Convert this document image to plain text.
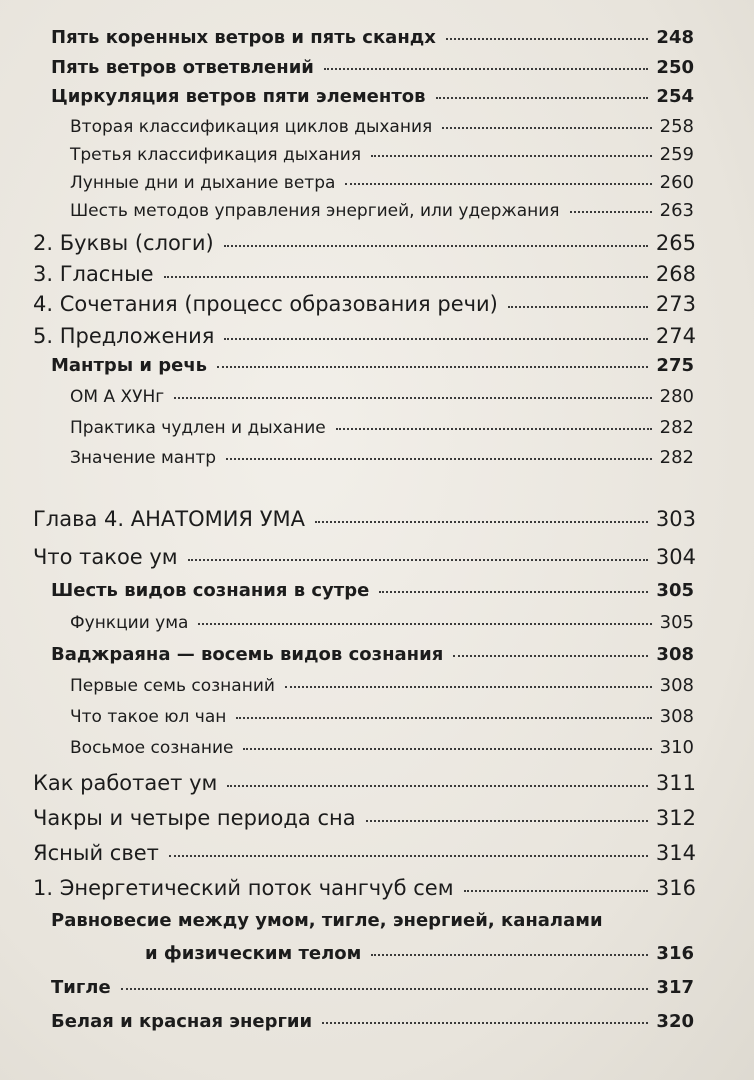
Пять коренных ветров и пять скандх	248
Пять ветров ответвлений	250
Циркуляция ветров пяти элементов	254
Вторая классификация циклов дыхания	258
Третья классификация дыхания	259
Лунные дни и дыхание ветра	260
Шесть методов управления энергией, или удержания	263
2. Буквы (слоги)	265
3. Гласные	268
4. Сочетания (процесс образования речи)	273
5. Предложения	274
Мантры и речь	275
ОМ А ХУНг	280
Практика чудлен и дыхание	282
Значение мантр	282
Глава 4. АНАТОМИЯ УМА	303
Что такое ум	304
Шесть видов сознания в сутре	305
Функции ума	305
Ваджраяна — восемь видов сознания	308
Первые семь сознаний	308
Что такое юл чан	308
Восьмое сознание	310
Как работает ум	311
Чакры и четыре периода сна	312
Ясный свет	314
1. Энергетический поток чангчуб сем	316
Равновесие между умом, тигле, энергией, каналами
и физическим телом	316
Тигле	317
Белая и красная энергии	320
